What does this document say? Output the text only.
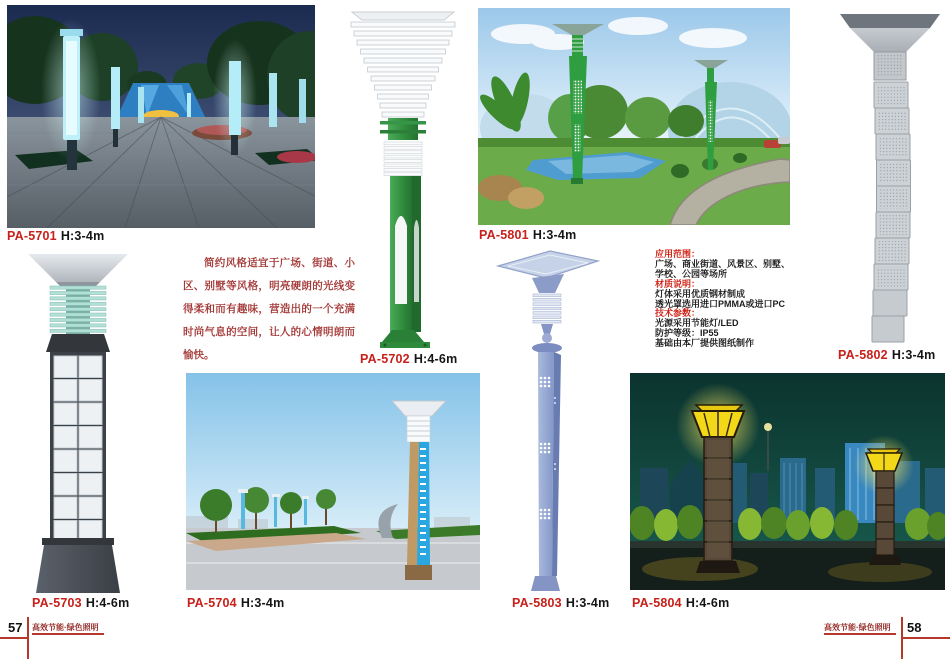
PA-5701 H:3-4m
PA-5702 H:4-6m
PA-5801 H:3-4m
PA-5802 H:3-4m
PA-5703 H:4-6m	PA-5704 H:3-4m	PA-5803 H:3-4m PA-5804 H:4-6m
简约风格适宜于广场、街道、小区、别墅等风格，明亮硬朗的光线变得柔和而有趣味，营造出的一个充满时尚气息的空间，让人的心情明朗而愉快。
应用范围：
广场、商业街道、风景区、别墅、
学校、公园等场所
材质说明：
灯体采用优质钢材制成
透光罩选用进口PMMA或进口PC
技术参数：
光源采用节能灯/LED
防护等级：IP55
基础由本厂提供图纸制作
57 高效节能·绿色照明	高效节能·绿色照明 58
